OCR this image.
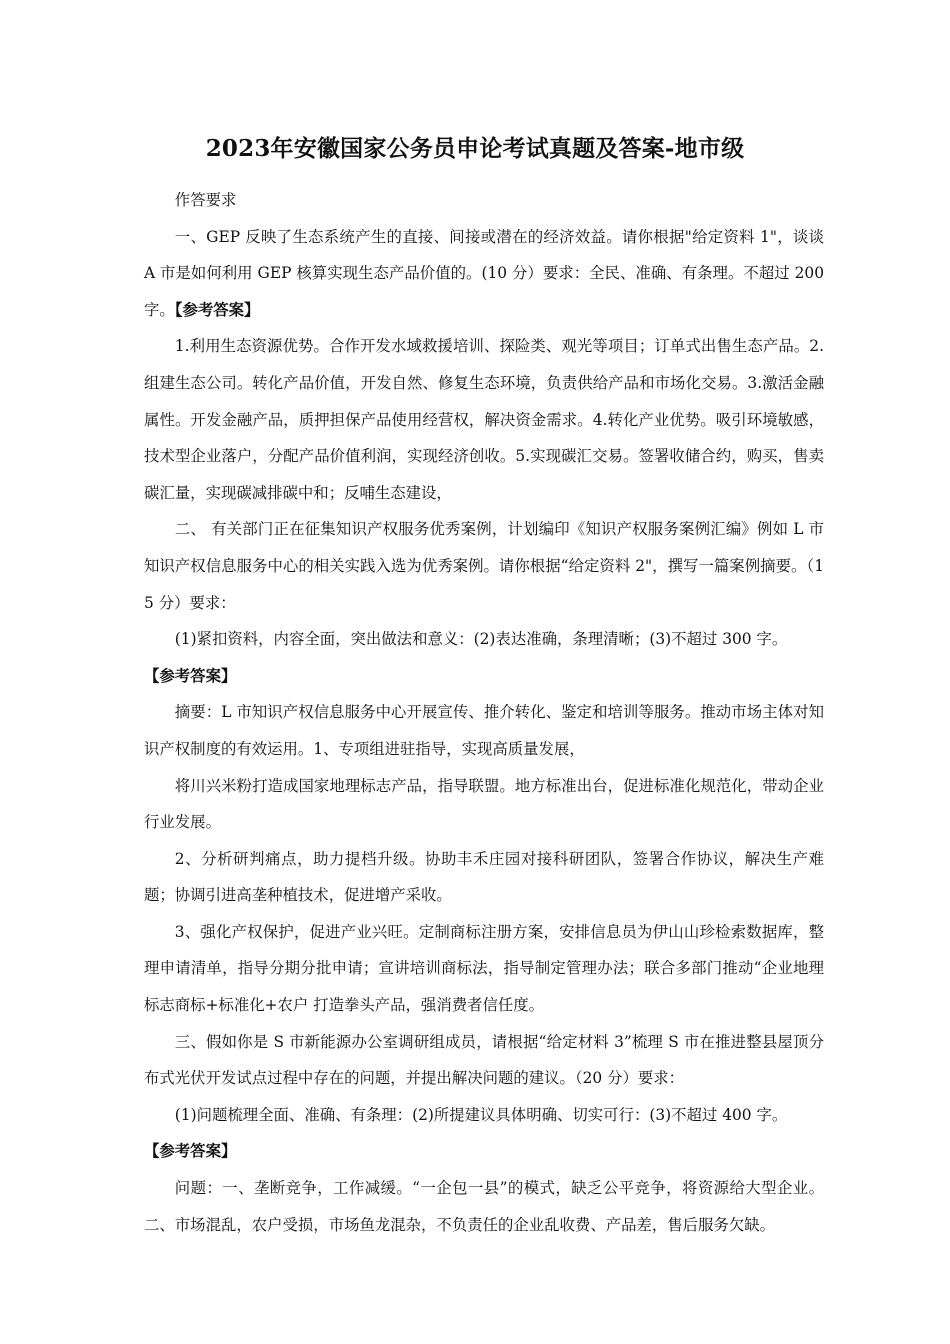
2023年安徽国家公务员申论考试真题及答案-地市级

作答要求

一、GEP 反映了生态系统产生的直接、间接或潜在的经济效益。请你根据"给定资料 1"，谈谈 A 市是如何利用 GEP 核算实现生态产品价值的。(10 分）要求：全民、准确、有条理。不超过 200 字。【参考答案】

1.利用生态资源优势。合作开发水域救援培训、探险类、观光等项目；订单式出售生态产品。2.组建生态公司。转化产品价值，开发自然、修复生态环境，负责供给产品和市场化交易。3.激活金融属性。开发金融产品，质押担保产品使用经营权，解决资金需求。4.转化产业优势。吸引环境敏感，技术型企业落户，分配产品价值利润，实现经济创收。5.实现碳汇交易。签署收储合约，购买，售卖碳汇量，实现碳减排碳中和；反哺生态建设，

二、 有关部门正在征集知识产权服务优秀案例，计划编印《知识产权服务案例汇编》例如 L 市知识产权信息服务中心的相关实践入选为优秀案例。请你根据“给定资料 2"，撰写一篇案例摘要。（15 分）要求：

(1)紧扣资料，内容全面，突出做法和意义：(2)表达准确，条理清晰；(3)不超过 300 字。

【参考答案】

摘要：L 市知识产权信息服务中心开展宣传、推介转化、鉴定和培训等服务。推动市场主体对知识产权制度的有效运用。1、专项组进驻指导，实现高质量发展，

将川兴米粉打造成国家地理标志产品，指导联盟。地方标准出台，促进标准化规范化，带动企业行业发展。

2、分析研判痛点，助力提档升级。协助丰禾庄园对接科研团队，签署合作协议，解决生产难题；协调引进高垄种植技术，促进增产采收。

3、强化产权保护，促进产业兴旺。定制商标注册方案，安排信息员为伊山山珍检索数据库，整理申请清单，指导分期分批申请；宣讲培训商标法，指导制定管理办法；联合多部门推动“企业地理标志商标+标准化+农户 打造拳头产品，强消费者信任度。

三、假如你是 S 市新能源办公室调研组成员，请根据“给定材料 3”梳理 S 市在推进整县屋顶分布式光伏开发试点过程中存在的问题，并提出解决问题的建议。（20 分）要求：

(1)问题梳理全面、准确、有条理：(2)所提建议具体明确、切实可行：(3)不超过 400 字。

【参考答案】

问题：一、垄断竞争，工作减缓。“一企包一县”的模式，缺乏公平竞争，将资源给大型企业。二、市场混乱，农户受损，市场鱼龙混杂，不负责任的企业乱收费、产品差，售后服务欠缺。
